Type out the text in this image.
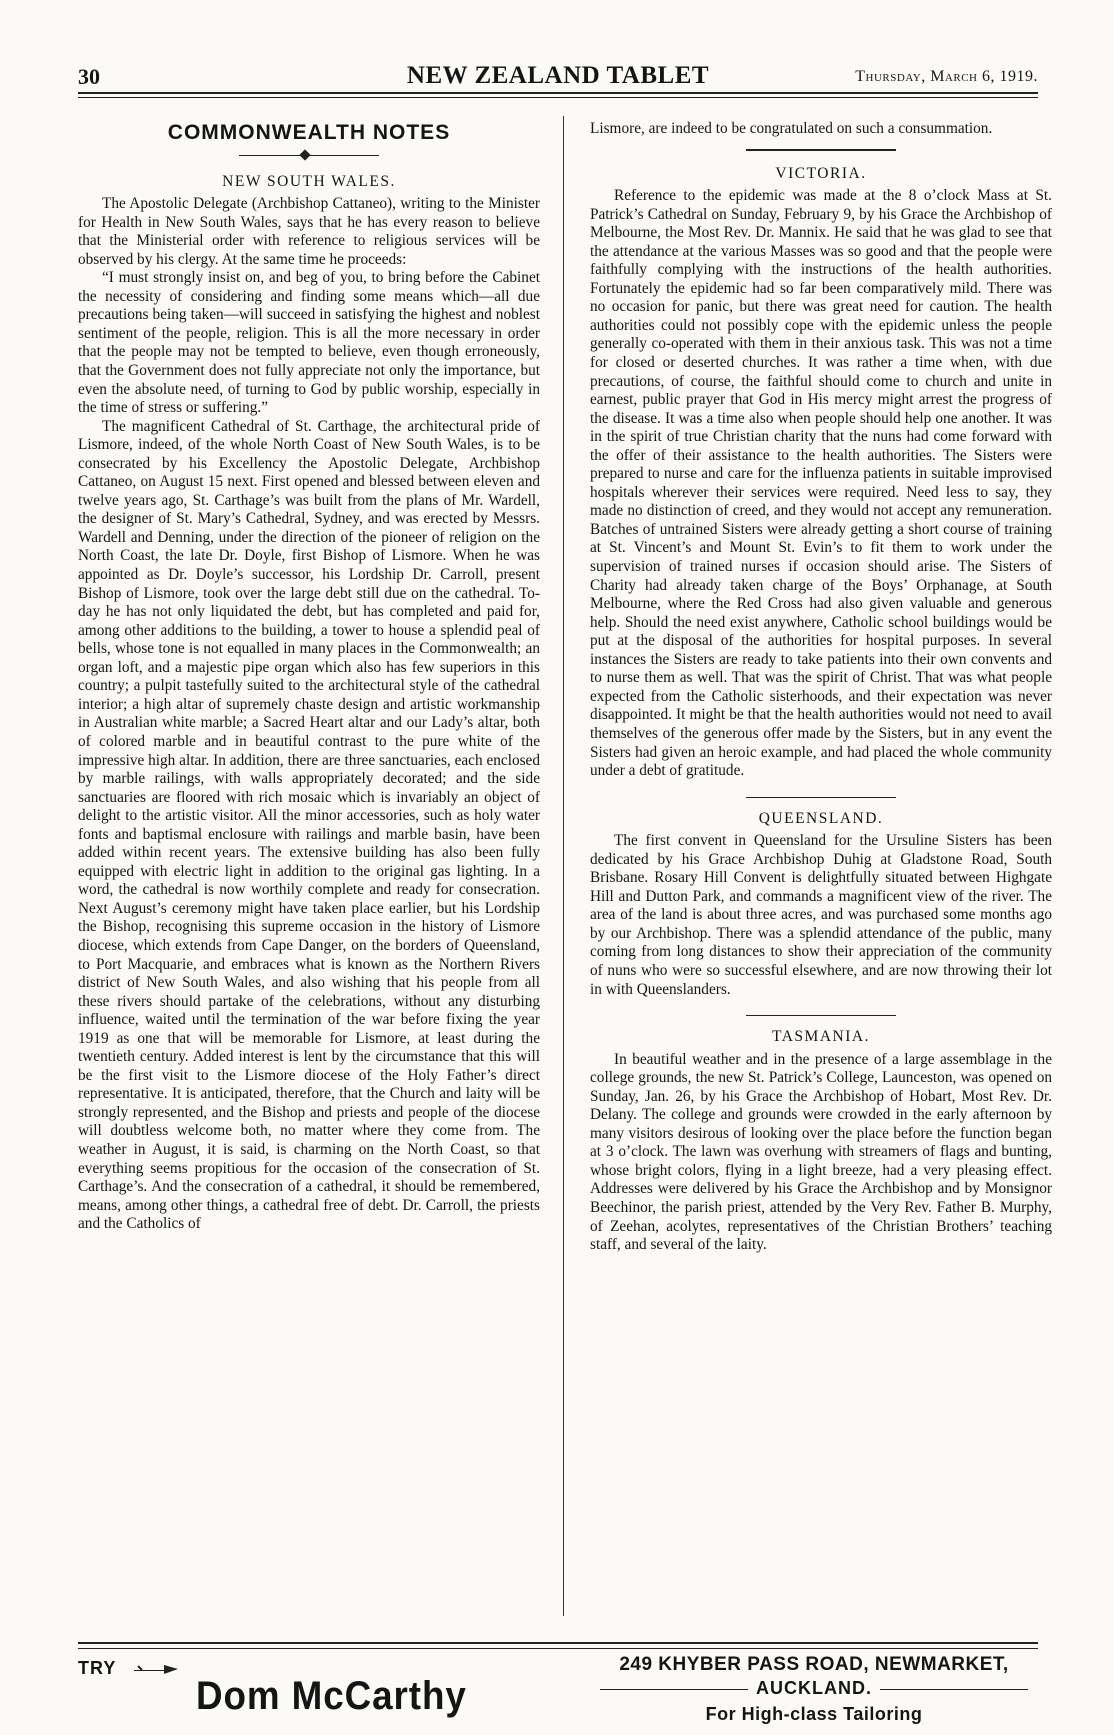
30	NEW ZEALAND TABLET	Thursday, March 6, 1919.
COMMONWEALTH NOTES
NEW SOUTH WALES.

The Apostolic Delegate (Archbishop Cattaneo), writing to the Minister for Health in New South Wales, says that he has every reason to believe that the Ministerial order with reference to religious services will be observed by his clergy. At the same time he proceeds:

“I must strongly insist on, and beg of you, to bring before the Cabinet the necessity of considering and finding some means which—all due precautions being taken—will succeed in satisfying the highest and noblest sentiment of the people, religion. This is all the more necessary in order that the people may not be tempted to believe, even though erroneously, that the Government does not fully appreciate not only the importance, but even the absolute need, of turning to God by public worship, especially in the time of stress or suffering.”

The magnificent Cathedral of St. Carthage, the architectural pride of Lismore, indeed, of the whole North Coast of New South Wales, is to be consecrated by his Excellency the Apostolic Delegate, Archbishop Cattaneo, on August 15 next. First opened and blessed between eleven and twelve years ago, St. Carthage’s was built from the plans of Mr. Wardell, the designer of St. Mary’s Cathedral, Sydney, and was erected by Messrs. Wardell and Denning, under the direction of the pioneer of religion on the North Coast, the late Dr. Doyle, first Bishop of Lismore. When he was appointed as Dr. Doyle’s successor, his Lordship Dr. Carroll, present Bishop of Lismore, took over the large debt still due on the cathedral. To-day he has not only liquidated the debt, but has completed and paid for, among other additions to the building, a tower to house a splendid peal of bells, whose tone is not equalled in many places in the Commonwealth; an organ loft, and a majestic pipe organ which also has few superiors in this country; a pulpit tastefully suited to the architectural style of the cathedral interior; a high altar of supremely chaste design and artistic workmanship in Australian white marble; a Sacred Heart altar and our Lady’s altar, both of colored marble and in beautiful contrast to the pure white of the impressive high altar. In addition, there are three sanctuaries, each enclosed by marble railings, with walls appropriately decorated; and the side sanctuaries are floored with rich mosaic which is invariably an object of delight to the artistic visitor. All the minor accessories, such as holy water fonts and baptismal enclosure with railings and marble basin, have been added within recent years. The extensive building has also been fully equipped with electric light in addition to the original gas lighting. In a word, the cathedral is now worthily complete and ready for consecration. Next August’s ceremony might have taken place earlier, but his Lordship the Bishop, recognising this supreme occasion in the history of Lismore diocese, which extends from Cape Danger, on the borders of Queensland, to Port Macquarie, and embraces what is known as the Northern Rivers district of New South Wales, and also wishing that his people from all these rivers should partake of the celebrations, without any disturbing influence, waited until the termination of the war before fixing the year 1919 as one that will be memorable for Lismore, at least during the twentieth century. Added interest is lent by the circumstance that this will be the first visit to the Lismore diocese of the Holy Father’s direct representative. It is anticipated, therefore, that the Church and laity will be strongly represented, and the Bishop and priests and people of the diocese will doubtless welcome both, no matter where they come from. The weather in August, it is said, is charming on the North Coast, so that everything seems propitious for the occasion of the consecration of St. Carthage’s. And the consecration of a cathedral, it should be remembered, means, among other things, a cathedral free of debt. Dr. Carroll, the priests and the Catholics of

Lismore, are indeed to be congratulated on such a consummation.

VICTORIA.

Reference to the epidemic was made at the 8 o’clock Mass at St. Patrick’s Cathedral on Sunday, February 9, by his Grace the Archbishop of Melbourne, the Most Rev. Dr. Mannix. He said that he was glad to see that the attendance at the various Masses was so good and that the people were faithfully complying with the instructions of the health authorities. Fortunately the epidemic had so far been comparatively mild. There was no occasion for panic, but there was great need for caution. The health authorities could not possibly cope with the epidemic unless the people generally co-operated with them in their anxious task. This was not a time for closed or deserted churches. It was rather a time when, with due precautions, of course, the faithful should come to church and unite in earnest, public prayer that God in His mercy might arrest the progress of the disease. It was a time also when people should help one another. It was in the spirit of true Christian charity that the nuns had come forward with the offer of their assistance to the health authorities. The Sisters were prepared to nurse and care for the influenza patients in suitable improvised hospitals wherever their services were required. Need less to say, they made no distinction of creed, and they would not accept any remuneration. Batches of untrained Sisters were already getting a short course of training at St. Vincent’s and Mount St. Evin’s to fit them to work under the supervision of trained nurses if occasion should arise. The Sisters of Charity had already taken charge of the Boys’ Orphanage, at South Melbourne, where the Red Cross had also given valuable and generous help. Should the need exist anywhere, Catholic school buildings would be put at the disposal of the authorities for hospital purposes. In several instances the Sisters are ready to take patients into their own convents and to nurse them as well. That was the spirit of Christ. That was what people expected from the Catholic sisterhoods, and their expectation was never disappointed. It might be that the health authorities would not need to avail themselves of the generous offer made by the Sisters, but in any event the Sisters had given an heroic example, and had placed the whole community under a debt of gratitude.

QUEENSLAND.

The first convent in Queensland for the Ursuline Sisters has been dedicated by his Grace Archbishop Duhig at Gladstone Road, South Brisbane. Rosary Hill Convent is delightfully situated between Highgate Hill and Dutton Park, and commands a magnificent view of the river. The area of the land is about three acres, and was purchased some months ago by our Archbishop. There was a splendid attendance of the public, many coming from long distances to show their appreciation of the community of nuns who were so successful elsewhere, and are now throwing their lot in with Queenslanders.

TASMANIA.

In beautiful weather and in the presence of a large assemblage in the college grounds, the new St. Patrick’s College, Launceston, was opened on Sunday, Jan. 26, by his Grace the Archbishop of Hobart, Most Rev. Dr. Delany. The college and grounds were crowded in the early afternoon by many visitors desirous of looking over the place before the function began at 3 o’clock. The lawn was overhung with streamers of flags and bunting, whose bright colors, flying in a light breeze, had a very pleasing effect. Addresses were delivered by his Grace the Archbishop and by Monsignor Beechinor, the parish priest, attended by the Very Rev. Father B. Murphy, of Zeehan, acolytes, representatives of the Christian Brothers’ teaching staff, and several of the laity.

TRY
Dom McCarthy
249 KHYBER PASS ROAD, NEWMARKET,
AUCKLAND.
For High-class Tailoring
